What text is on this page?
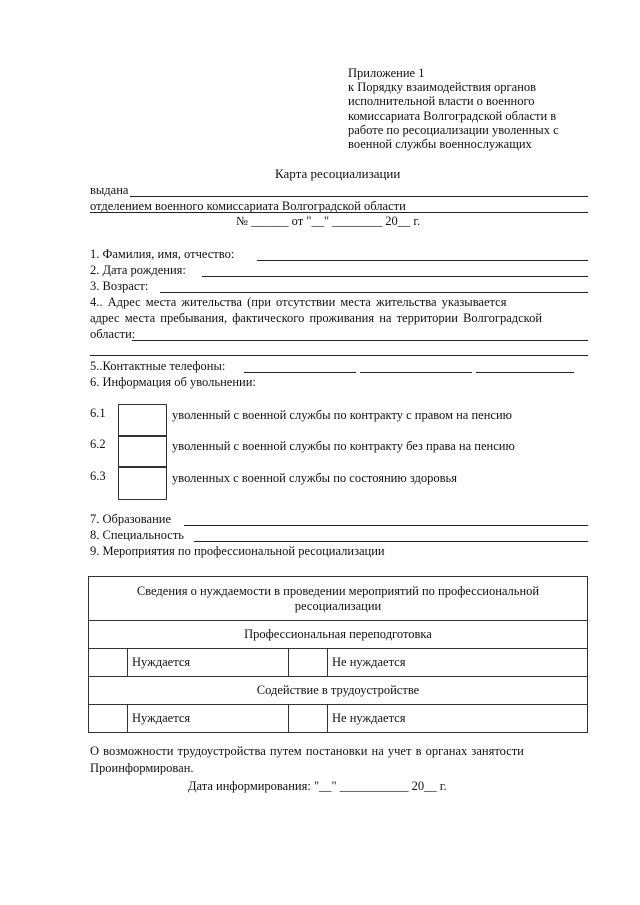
Приложение 1
к Порядку взаимодействия органов
исполнительной власти о военного
комиссариата Волгоградской области в
работе по ресоциализации уволенных с
военной службы военнослужащих
Карта ресоциализации
выдана
отделением военного комиссариата Волгоградской области
№ ______ от "__" ________ 20__ г.
1. Фамилия, имя, отчество:
2. Дата рождения:
3. Возраст:
4.. Адрес места жительства (при отсутствии места жительства указывается
адрес места пребывания, фактического проживания на территории Волгоградской
области:
5..Контактные телефоны:
6. Информация об увольнении:
6.1	уволенный с военной службы по контракту с правом на пенсию
6.2	уволенный с военной службы по контракту без права на пенсию
6.3	уволенных с военной службы по состоянию здоровья
7. Образование
8. Специальность
9. Мероприятия по профессиональной ресоциализации
Сведения о нуждаемости в проведении мероприятий по профессиональной ресоциализации			
Профессиональная переподготовка			
	Нуждается		Не нуждается
Содействие в трудоустройстве			
	Нуждается		Не нуждается
О возможности трудоустройства путем постановки на учет в органах занятости
Проинформирован.
Дата информирования: "__" ___________ 20__ г.
